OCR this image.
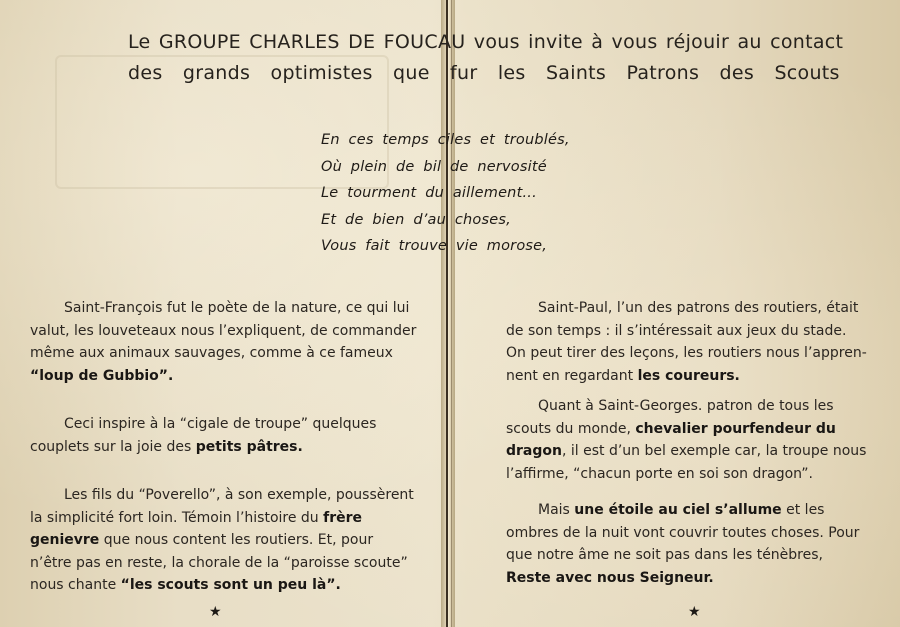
Le GROUPE CHARLES DE FOUCAU vous invite à vous réjouir au contact

des grands optimistes que fur les Saints Patrons des Scouts

En ces temps ciles et troublés,
Où plein de bil de nervosité
Le tourment du aillement...
Et de bien d’au choses,
Vous fait trouve vie morose,

Saint-François fut le poète de la nature, ce qui lui
valut, les louveteaux nous l’expliquent, de commander
même aux animaux sauvages, comme à ce fameux
“loup de Gubbio”.

Ceci inspire à la “cigale de troupe” quelques
couplets sur la joie des petits pâtres.

Les fils du “Poverello”, à son exemple, poussèrent
la simplicité fort loin. Témoin l’histoire du frère
genievre que nous content les routiers. Et, pour
n’être pas en reste, la chorale de la “paroisse scoute”
nous chante “les scouts sont un peu là”.

Saint-Paul, l’un des patrons des routiers, était
de son temps : il s’intéressait aux jeux du stade.
On peut tirer des leçons, les routiers nous l’appren-
nent en regardant les coureurs.

Quant à Saint-Georges. patron de tous les
scouts du monde, chevalier pourfendeur du
dragon, il est d’un bel exemple car, la troupe nous
l’affirme, “chacun porte en soi son dragon”.

Mais une étoile au ciel s’allume et les
ombres de la nuit vont couvrir toutes choses. Pour
que notre âme ne soit pas dans les ténèbres,
Reste avec nous Seigneur.

★	★
